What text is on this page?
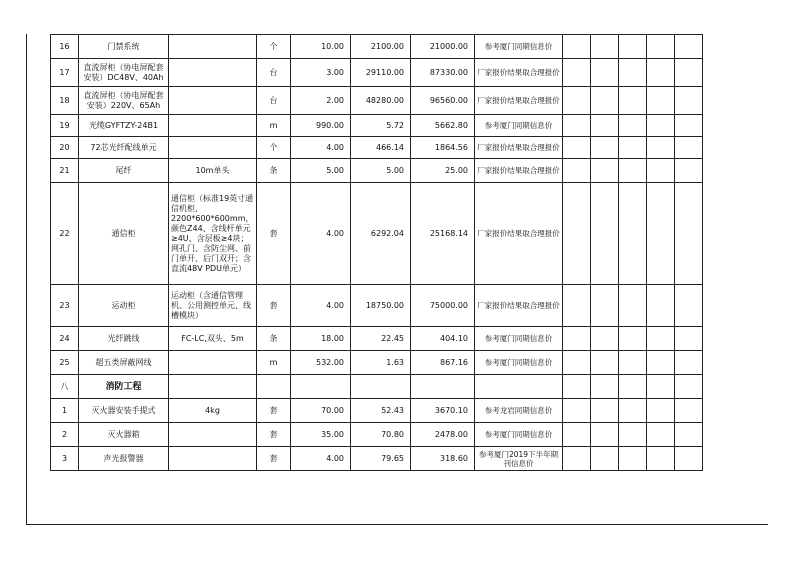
16	门禁系统		个	10.00	2100.00	21000.00	参考厦门同期信息价					
17	直流屏柜（协电屏配套安装）DC48V、40Ah		台	3.00	29110.00	87330.00	厂家报价结果取合理报价					
18	直流屏柜（协电屏配套安装）220V、65Ah		台	2.00	48280.00	96560.00	厂家报价结果取合理报价					
19	光缆GYFTZY-24B1		m	990.00	5.72	5662.80	参考厦门同期信息价					
20	72芯光纤配线单元		个	4.00	466.14	1864.56	厂家报价结果取合理报价					
21	尾纤	10m单头	条	5.00	5.00	25.00	厂家报价结果取合理报价					
22	通信柜	通信柜（标准19英寸通信机柜，2200*600*600mm，颜色Z44、含线杆单元≥4U、含层板≥4块；网孔门、含防尘网、前门单开、后门双开；含直流48V PDU单元）	套	4.00	6292.04	25168.14	厂家报价结果取合理报价					
23	运动柜	运动柜（含通信管理机、公用测控单元、线槽模块）	套	4.00	18750.00	75000.00	厂家报价结果取合理报价					
24	光纤跳线	FC-LC,双头、5m	条	18.00	22.45	404.10	参考厦门同期信息价					
25	超五类屏蔽网线		m	532.00	1.63	867.16	参考厦门同期信息价					
八	消防工程											
1	灭火器安装手提式	4kg	套	70.00	52.43	3670.10	参考龙岩同期信息价					
2	灭火器箱		套	35.00	70.80	2478.00	参考厦门同期信息价					
3	声光报警器		套	4.00	79.65	318.60	参考厦门2019下半年期刊信息价					
